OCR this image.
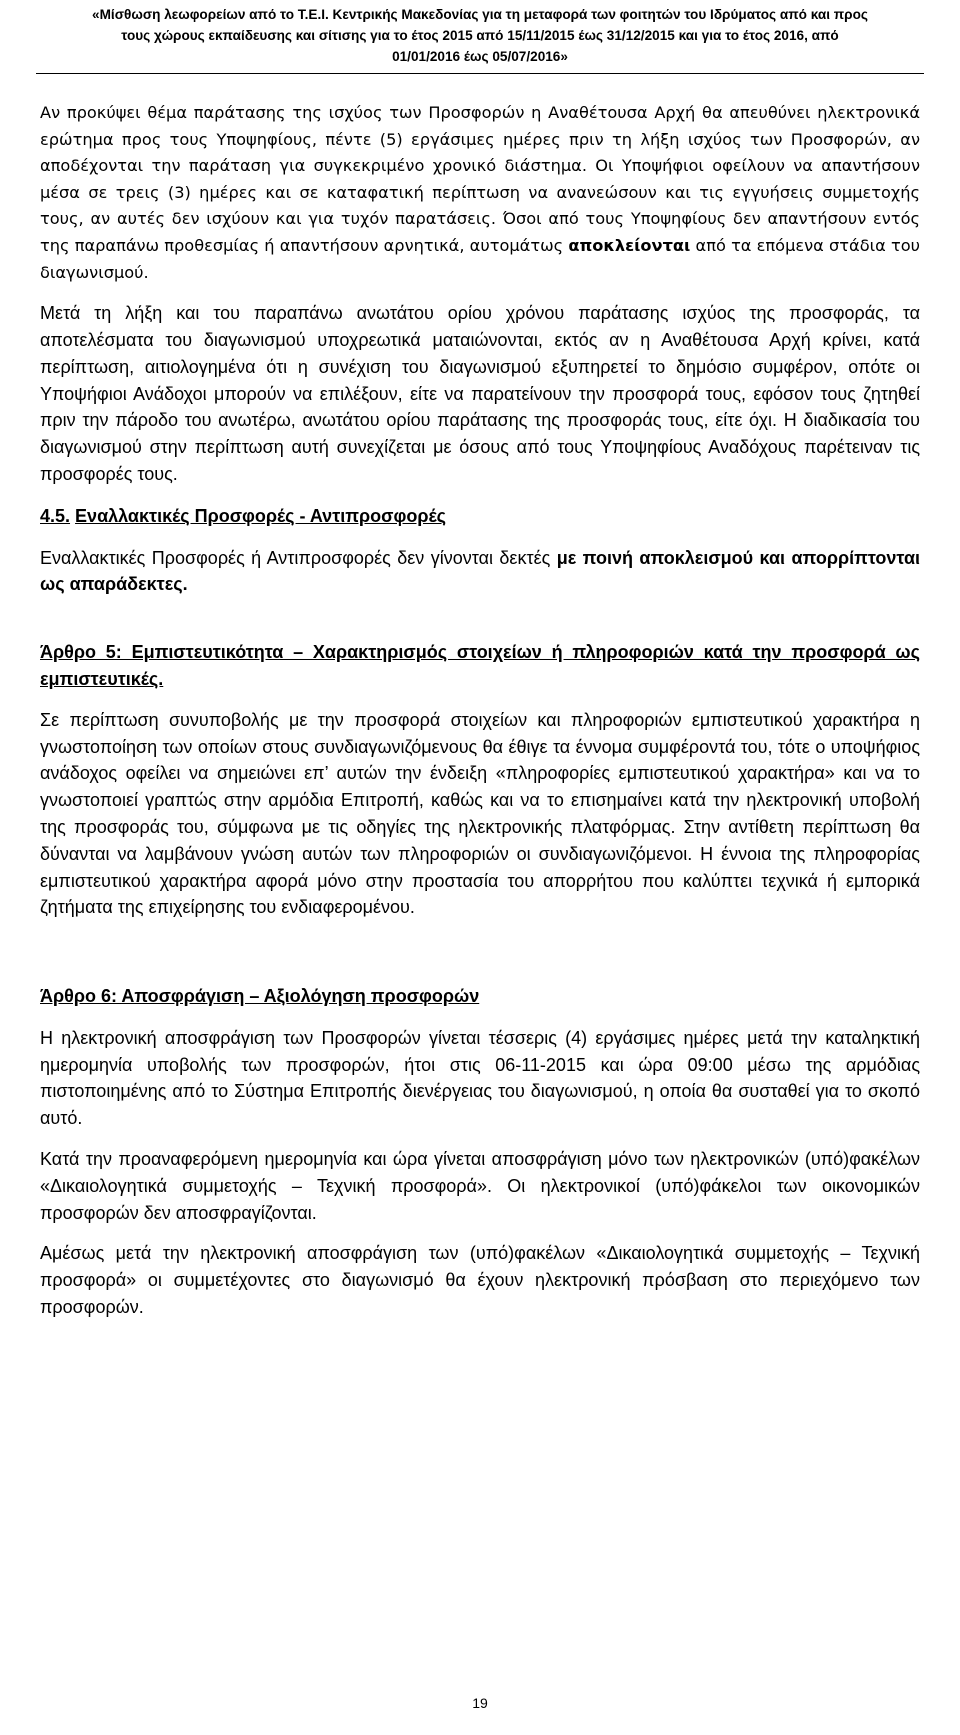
«Μίσθωση λεωφορείων από το Τ.Ε.Ι. Κεντρικής Μακεδονίας για τη μεταφορά των φοιτητών του Ιδρύματος από και προς
τους χώρους εκπαίδευσης και σίτισης για το έτος 2015 από 15/11/2015 έως 31/12/2015 και για το έτος 2016, από
01/01/2016 έως 05/07/2016»

Αν προκύψει θέμα παράτασης της ισχύος των Προσφορών η Αναθέτουσα Αρχή θα απευθύνει ηλεκτρονικά ερώτημα προς τους Υποψηφίους, πέντε (5) εργάσιμες ημέρες πριν τη λήξη ισχύος των Προσφορών, αν αποδέχονται την παράταση για συγκεκριμένο χρονικό διάστημα. Οι Υποψήφιοι οφείλουν να απαντήσουν μέσα σε τρεις (3) ημέρες και σε καταφατική περίπτωση να ανανεώσουν και τις εγγυήσεις συμμετοχής τους, αν αυτές δεν ισχύουν και για τυχόν παρατάσεις. Όσοι από τους Υποψηφίους δεν απαντήσουν εντός της παραπάνω προθεσμίας ή απαντήσουν αρνητικά, αυτομάτως αποκλείονται από τα επόμενα στάδια του διαγωνισμού.

Μετά τη λήξη και του παραπάνω ανωτάτου ορίου χρόνου παράτασης ισχύος της προσφοράς, τα αποτελέσματα του διαγωνισμού υποχρεωτικά ματαιώνονται, εκτός αν η Αναθέτουσα Αρχή κρίνει, κατά περίπτωση, αιτιολογημένα ότι η συνέχιση του διαγωνισμού εξυπηρετεί το δημόσιο συμφέρον, οπότε οι Υποψήφιοι Ανάδοχοι μπορούν να επιλέξουν, είτε να παρατείνουν την προσφορά τους, εφόσον τους ζητηθεί πριν την πάροδο του ανωτέρω, ανωτάτου ορίου παράτασης της προσφοράς τους, είτε όχι. Η διαδικασία του διαγωνισμού στην περίπτωση αυτή συνεχίζεται με όσους από τους Υποψηφίους Αναδόχους παρέτειναν τις προσφορές τους.

4.5. Εναλλακτικές Προσφορές - Αντιπροσφορές

Εναλλακτικές Προσφορές ή Αντιπροσφορές δεν γίνονται δεκτές με ποινή αποκλεισμού και απορρίπτονται ως απαράδεκτες.

Άρθρο 5: Εμπιστευτικότητα – Χαρακτηρισμός στοιχείων ή πληροφοριών κατά την προσφορά ως εμπιστευτικές.

Σε περίπτωση συνυποβολής με την προσφορά στοιχείων και πληροφοριών εμπιστευτικού χαρακτήρα η γνωστοποίηση των οποίων στους συνδιαγωνιζόμενους θα έθιγε τα έννομα συμφέροντά του, τότε ο υποψήφιος ανάδοχος οφείλει να σημειώνει επ’ αυτών την ένδειξη «πληροφορίες εμπιστευτικού χαρακτήρα» και να το γνωστοποιεί γραπτώς στην αρμόδια Επιτροπή, καθώς και να το επισημαίνει κατά την ηλεκτρονική υποβολή της προσφοράς του, σύμφωνα με τις οδηγίες της ηλεκτρονικής πλατφόρμας. Στην αντίθετη περίπτωση θα δύνανται να λαμβάνουν γνώση αυτών των πληροφοριών οι συνδιαγωνιζόμενοι. Η έννοια της πληροφορίας εμπιστευτικού χαρακτήρα αφορά μόνο στην προστασία του απορρήτου που καλύπτει τεχνικά ή εμπορικά ζητήματα της επιχείρησης του ενδιαφερομένου.

Άρθρο 6: Αποσφράγιση – Αξιολόγηση προσφορών

Η ηλεκτρονική αποσφράγιση των Προσφορών γίνεται τέσσερις (4) εργάσιμες ημέρες μετά την καταληκτική ημερομηνία υποβολής των προσφορών, ήτοι στις 06-11-2015 και ώρα 09:00 μέσω της αρμόδιας πιστοποιημένης από το Σύστημα Επιτροπής διενέργειας του διαγωνισμού, η οποία θα συσταθεί για το σκοπό αυτό.

Κατά την προαναφερόμενη ημερομηνία και ώρα γίνεται αποσφράγιση μόνο των ηλεκτρονικών (υπό)φακέλων «Δικαιολογητικά συμμετοχής – Τεχνική προσφορά». Οι ηλεκτρονικοί (υπό)φάκελοι των οικονομικών προσφορών δεν αποσφραγίζονται.

Αμέσως μετά την ηλεκτρονική αποσφράγιση των (υπό)φακέλων «Δικαιολογητικά συμμετοχής – Τεχνική προσφορά» οι συμμετέχοντες στο διαγωνισμό θα έχουν ηλεκτρονική πρόσβαση στο περιεχόμενο των προσφορών.

19
